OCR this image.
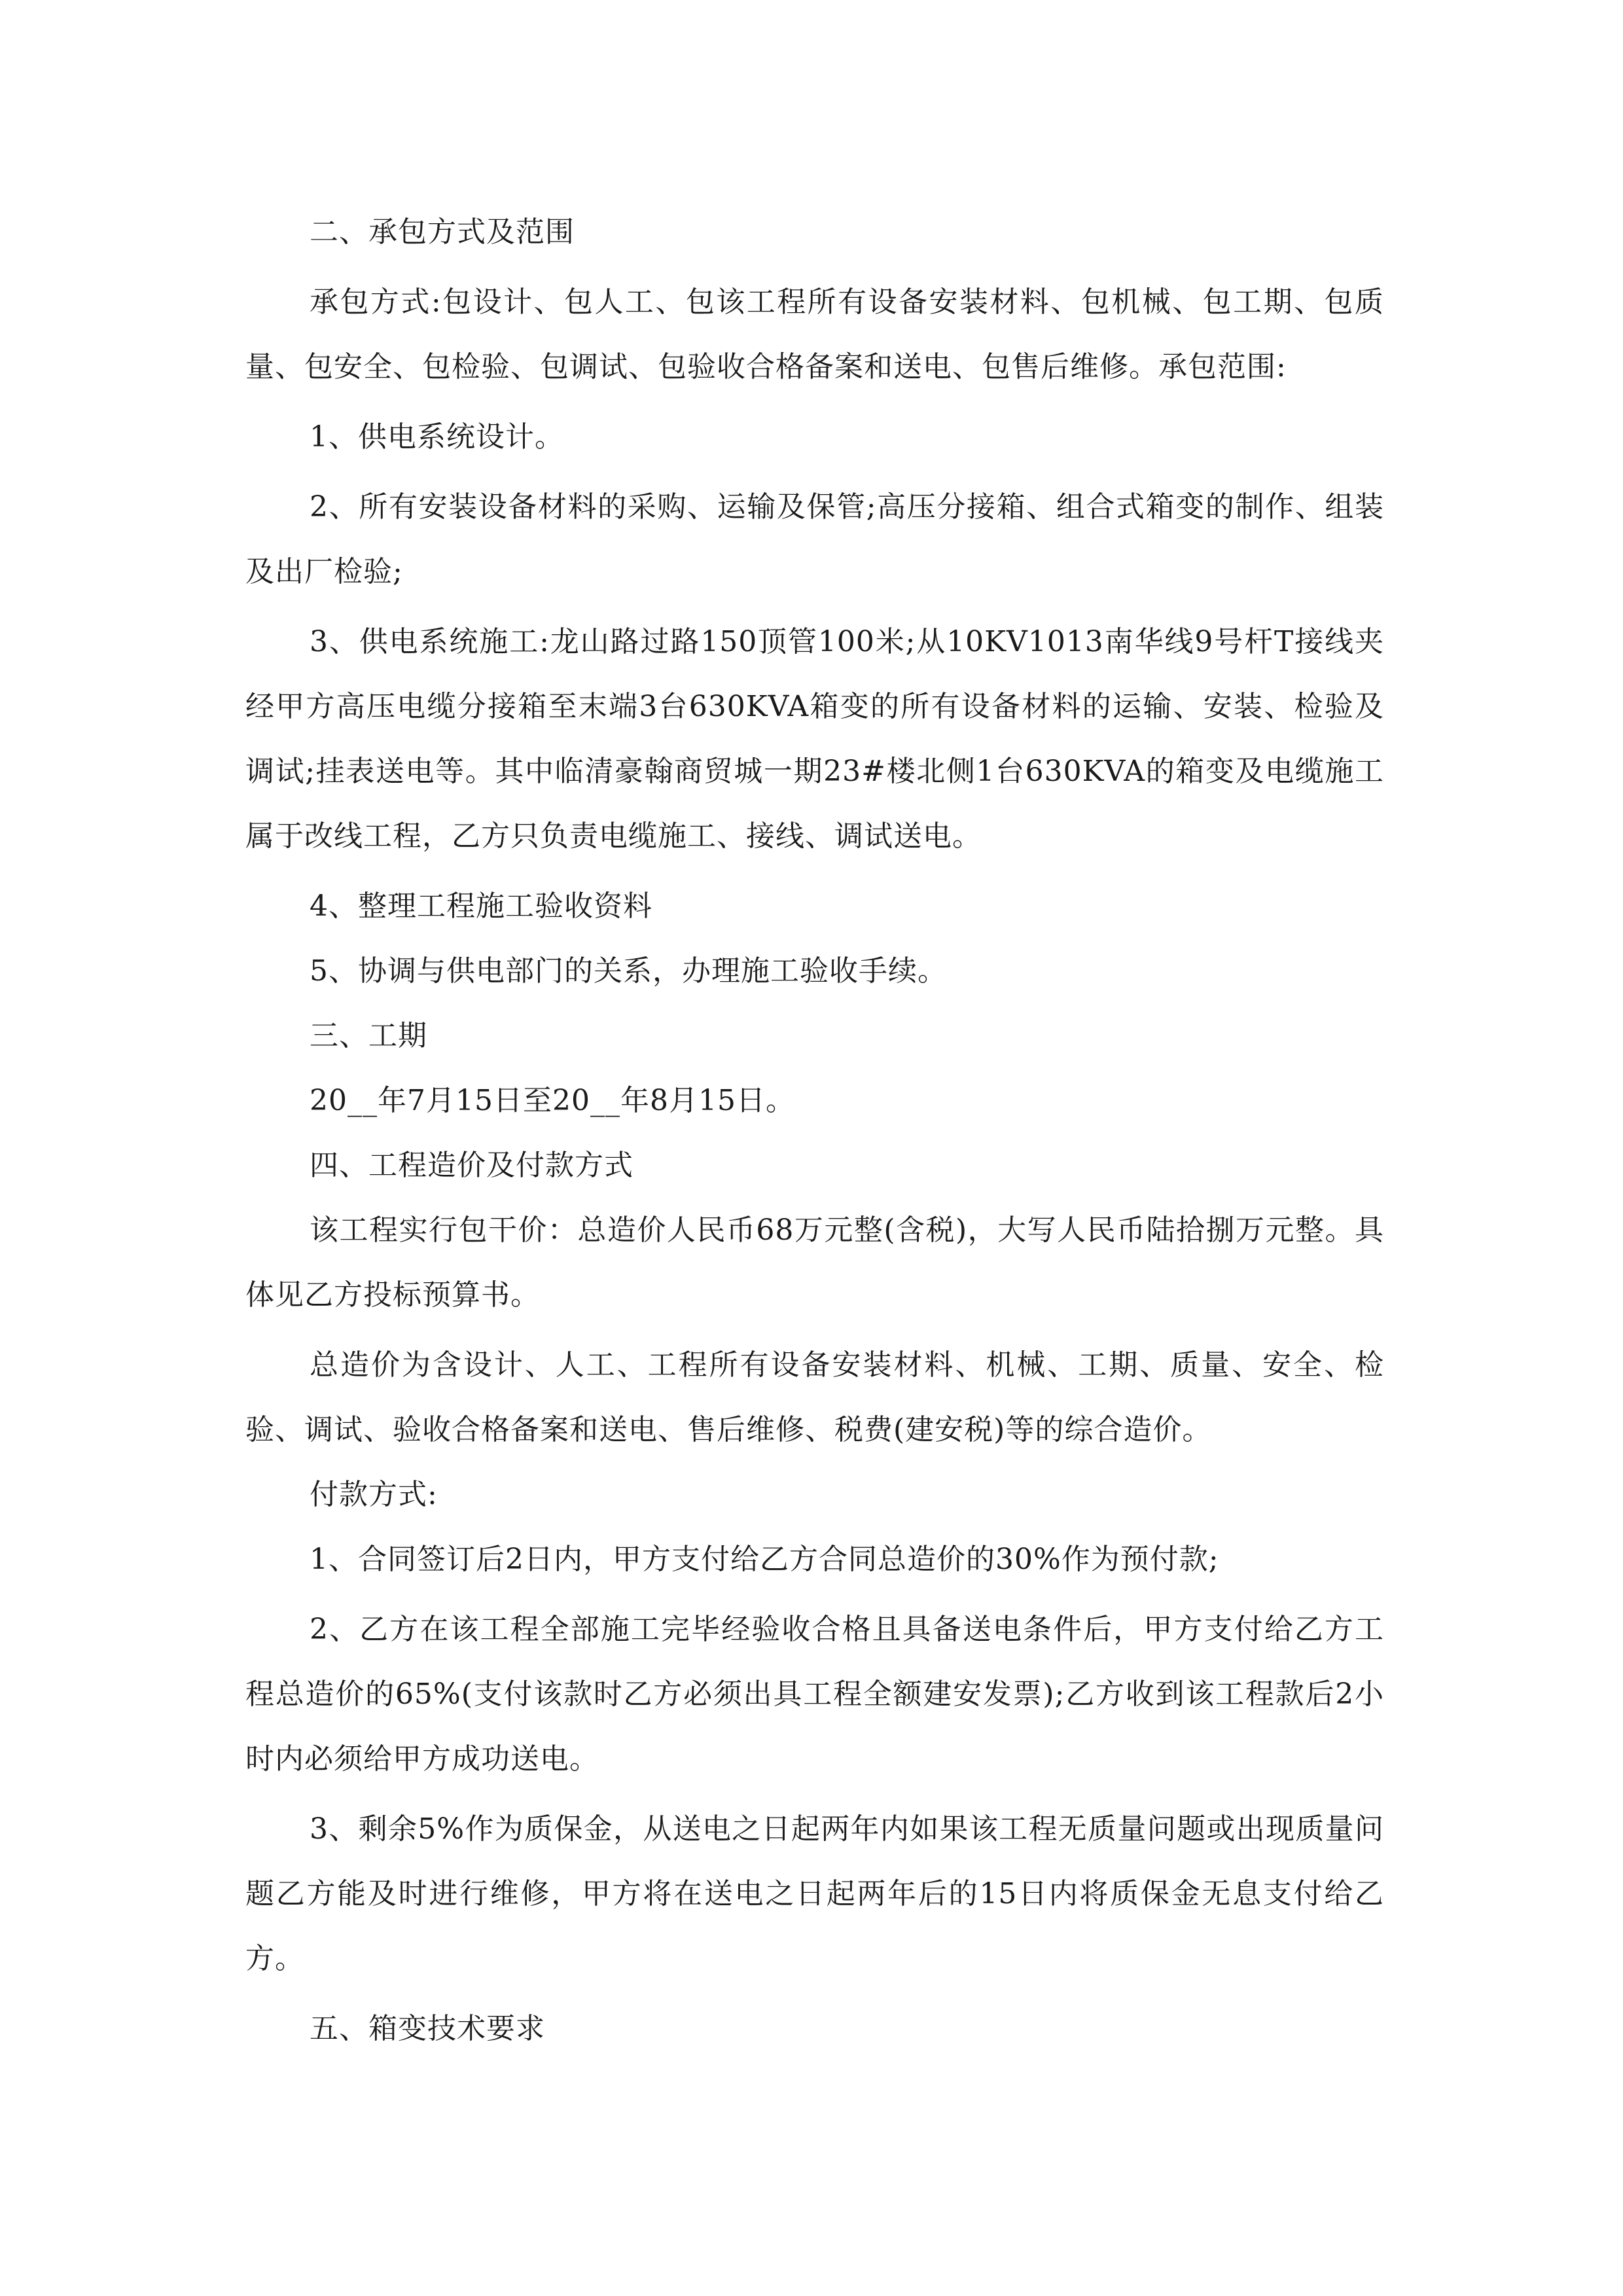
二、承包方式及范围

承包方式:包设计、包人工、包该工程所有设备安装材料、包机械、包工期、包质量、包安全、包检验、包调试、包验收合格备案和送电、包售后维修。承包范围:

1、供电系统设计。

2、所有安装设备材料的采购、运输及保管;高压分接箱、组合式箱变的制作、组装及出厂检验;

3、供电系统施工:龙山路过路150顶管100米;从10KV1013南华线9号杆T接线夹经甲方高压电缆分接箱至末端3台630KVA箱变的所有设备材料的运输、安装、检验及调试;挂表送电等。其中临清豪翰商贸城一期23#楼北侧1台630KVA的箱变及电缆施工属于改线工程，乙方只负责电缆施工、接线、调试送电。

4、整理工程施工验收资料

5、协调与供电部门的关系，办理施工验收手续。

三、工期

20__年7月15日至20__年8月15日。

四、工程造价及付款方式

该工程实行包干价：总造价人民币68万元整(含税)，大写人民币陆拾捌万元整。具体见乙方投标预算书。

总造价为含设计、人工、工程所有设备安装材料、机械、工期、质量、安全、检验、调试、验收合格备案和送电、售后维修、税费(建安税)等的综合造价。

付款方式:

1、合同签订后2日内，甲方支付给乙方合同总造价的30%作为预付款;

2、乙方在该工程全部施工完毕经验收合格且具备送电条件后，甲方支付给乙方工程总造价的65%(支付该款时乙方必须出具工程全额建安发票);乙方收到该工程款后2小时内必须给甲方成功送电。

3、剩余5%作为质保金，从送电之日起两年内如果该工程无质量问题或出现质量问题乙方能及时进行维修，甲方将在送电之日起两年后的15日内将质保金无息支付给乙方。

五、箱变技术要求
